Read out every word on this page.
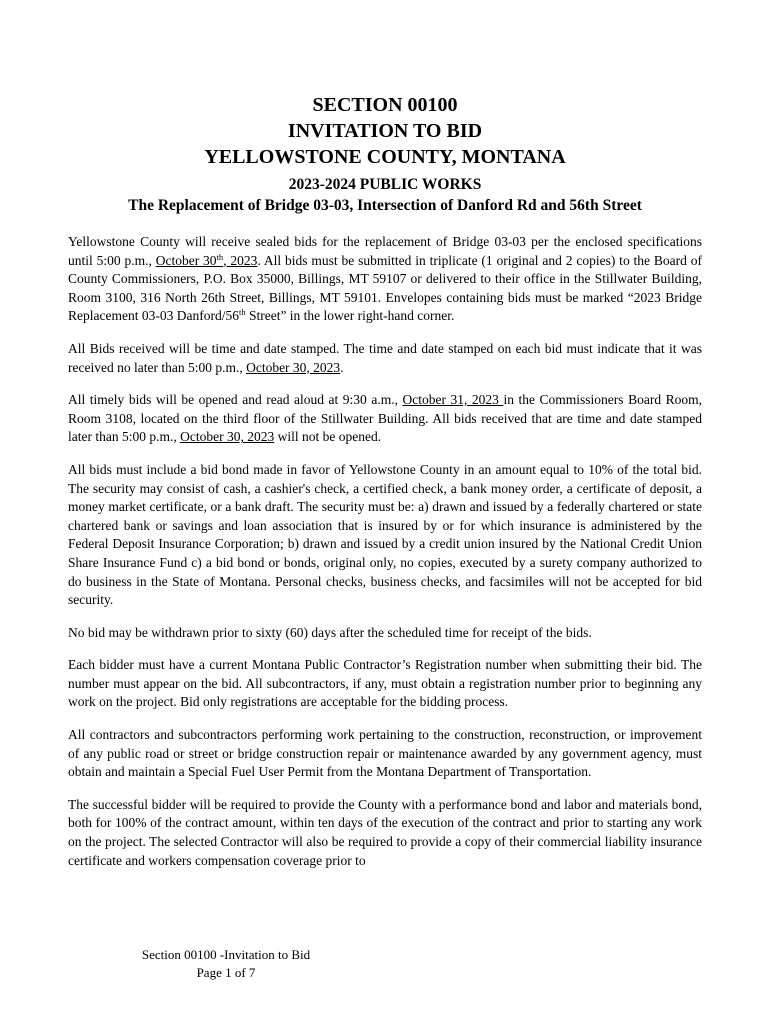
SECTION 00100

INVITATION TO BID

YELLOWSTONE COUNTY, MONTANA

2023-2024 PUBLIC WORKS

The Replacement of Bridge 03-03, Intersection of Danford Rd and 56th Street

Yellowstone County will receive sealed bids for the replacement of Bridge 03-03 per the enclosed specifications until 5:00 p.m., October 30th, 2023. All bids must be submitted in triplicate (1 original and 2 copies) to the Board of County Commissioners, P.O. Box 35000, Billings, MT 59107 or delivered to their office in the Stillwater Building, Room 3100, 316 North 26th Street, Billings, MT 59101. Envelopes containing bids must be marked “2023 Bridge Replacement 03-03 Danford/56th Street” in the lower right-hand corner.

All Bids received will be time and date stamped. The time and date stamped on each bid must indicate that it was received no later than 5:00 p.m., October 30, 2023.

All timely bids will be opened and read aloud at 9:30 a.m., October 31, 2023 in the Commissioners Board Room, Room 3108, located on the third floor of the Stillwater Building. All bids received that are time and date stamped later than 5:00 p.m., October 30, 2023 will not be opened.

All bids must include a bid bond made in favor of Yellowstone County in an amount equal to 10% of the total bid. The security may consist of cash, a cashier's check, a certified check, a bank money order, a certificate of deposit, a money market certificate, or a bank draft. The security must be: a) drawn and issued by a federally chartered or state chartered bank or savings and loan association that is insured by or for which insurance is administered by the Federal Deposit Insurance Corporation; b) drawn and issued by a credit union insured by the National Credit Union Share Insurance Fund c) a bid bond or bonds, original only, no copies, executed by a surety company authorized to do business in the State of Montana. Personal checks, business checks, and facsimiles will not be accepted for bid security.

No bid may be withdrawn prior to sixty (60) days after the scheduled time for receipt of the bids.

Each bidder must have a current Montana Public Contractor’s Registration number when submitting their bid. The number must appear on the bid. All subcontractors, if any, must obtain a registration number prior to beginning any work on the project. Bid only registrations are acceptable for the bidding process.

All contractors and subcontractors performing work pertaining to the construction, reconstruction, or improvement of any public road or street or bridge construction repair or maintenance awarded by any government agency, must obtain and maintain a Special Fuel User Permit from the Montana Department of Transportation.

The successful bidder will be required to provide the County with a performance bond and labor and materials bond, both for 100% of the contract amount, within ten days of the execution of the contract and prior to starting any work on the project. The selected Contractor will also be required to provide a copy of their commercial liability insurance certificate and workers compensation coverage prior to

Section 00100 -Invitation to Bid
Page 1 of 7
